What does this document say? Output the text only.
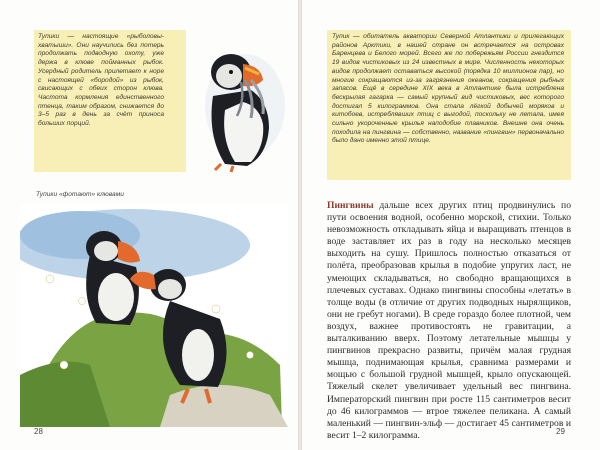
Тупики — настоящие «рыболовы-хватыши». Они научились без потерь продолжать подводную охоту, уже держа в клюве пойманных рыбок. Усердный родитель прилетает к норе с настоящей «бородой» из рыбок, свисающих с обеих сторон клюва. Частота кормления единственного птенца, таким образом, снижается до 3–5 раз в день за счёт приноса больших порций.
Тупики «фотают» клювами
28
Тупик — обитатель акватории Северной Атлантики и прилегающих районов Арктики, в нашей стране он встречается на островах Баренцева и Белого морей. Всего же по побережьям России гнездится 19 видов чистиковых из 24 известных в мире. Численность некоторых видов продолжает оставаться высокой (порядка 10 миллионов пар), но многие сокращаются из-за загрязнения океанов, сокращения рыбных запасов. Ещё в середине XIX века в Атлантике была истреблена бескрылая гагарка — самый крупный вид чистиковых, вес которого достигал 5 килограммов. Она стала лёгкой добычей моряков и китобоев, истреблявших птиц с выгодой, поскольку не летала, имея сильно укороченные крылья наподобие плавников. Внешне она очень походила на пингвина — собственно, название «пингвин» первоначально было дано именно этой птице.
Пингвины дальше всех других птиц продвинулись по пути освоения водной, особенно морской, стихии. Только невозможность откладывать яйца и выращивать птенцов в воде заставляет их раз в году на несколько месяцев выходить на сушу. Пришлось полностью отказаться от полёта, преобразовав крылья в подобие упругих ласт, не умеющих складываться, но свободно вращающихся в плечевых суставах. Однако пингвины способны «летать» в толще воды (в отличие от других подводных нырялщиков, они не гребут ногами). В среде гораздо более плотной, чем воздух, важнее противостоять не гравитации, а выталкиванию вверх. Поэтому летательные мышцы у пингвинов прекрасно развиты, причём малая грудная мышца, поднимающая крылья, сравнима размерами и мощью с большой грудной мышцей, крыло опускающей. Тяжелый скелет увеличивает удельный вес пингвина. Императорский пингвин при росте 115 сантиметров весит до 46 килограммов — втрое тяжелее пеликана. А самый маленький — пингвин-эльф — достигает 45 сантиметров и весит 1–2 килограмма.	29
